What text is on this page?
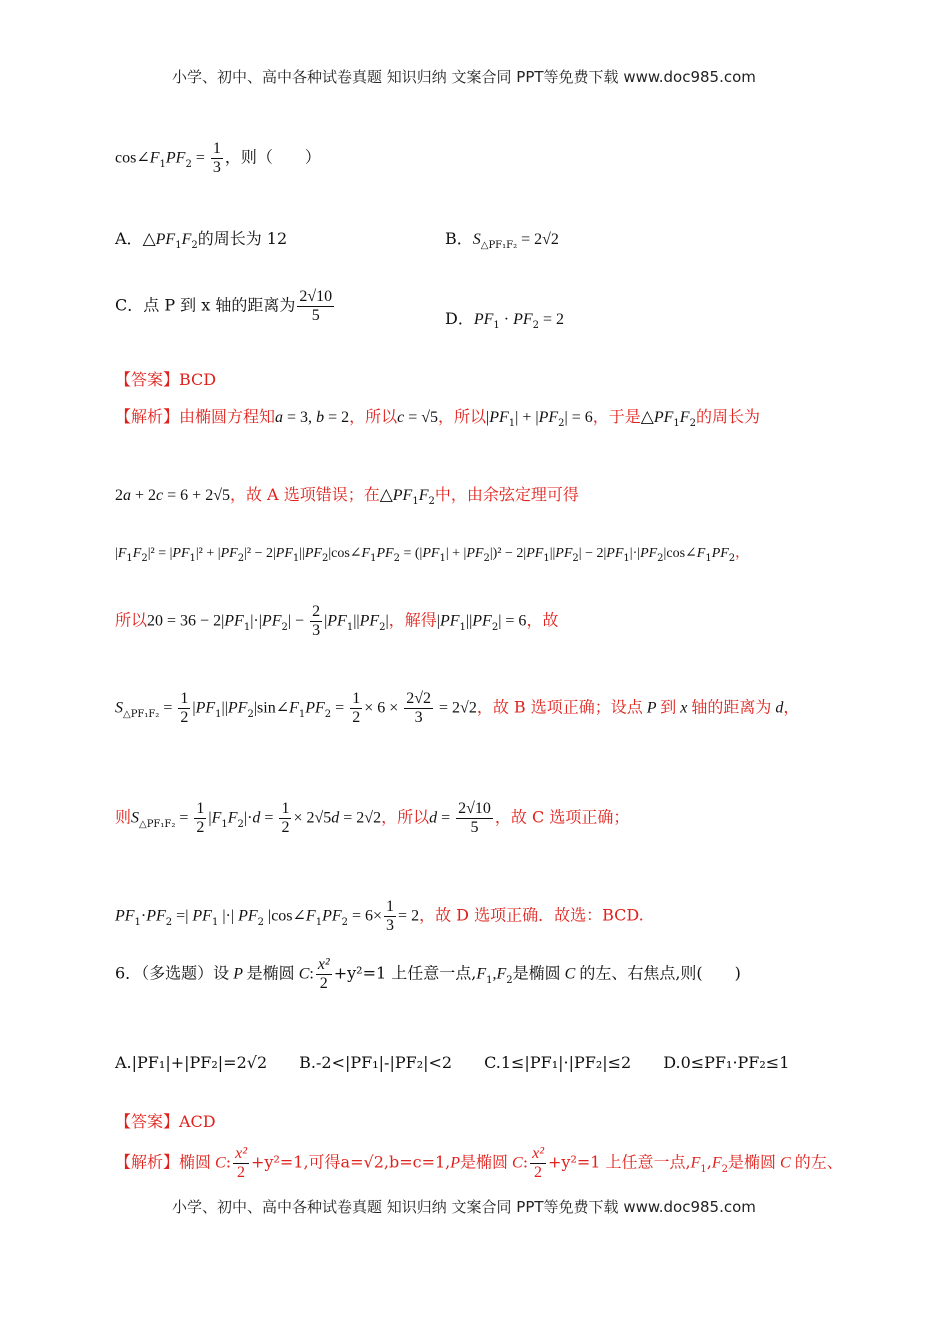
小学、初中、高中各种试卷真题 知识归纳 文案合同 PPT等免费下载 www.doc985.com
$\cos\angle F_1PF_2 = \frac{1}{3}$ ，则（　　）
A．$\triangle PF_1F_2$的周长为 12	B．$S_{\triangle PF_1F_2} = 2√2$
C．点 P 到 x 轴的距离为 $\frac{2√10}{5}$	D．$PF_1 \cdot PF_2 = 2$
【答案】BCD
【解析】由椭圆方程知a = 3, b = 2，所以c = √5，所以$|PF_1| + |PF_2| = 6$，于是$\triangle PF_1F_2$的周长为
2a + 2c = 6 + 2√5，故 A 选项错误；在$\triangle PF_1F_2$中，由余弦定理可得
$|F_1F_2|^2 = |PF_1|^2 + |PF_2|^2$ − $2|PF_1||PF_2|\cos\angle F_1PF_2 = (|PF_1| + |PF_2|)^2 - 2|PF_1||PF_2|$ − $2|PF_1|\cdot|PF_2|\cos\angle F_1PF_2$，
所以$20 = 36 - 2|PF_1|\cdot|PF_2| - \frac{2}{3} |PF_1||PF_2|$，解得$|PF_1||PF_2| = 6$，故
$S_{\triangle PF_1F_2} = \frac{1}{2}$ $|PF_1||PF_2|\sin\angle F_1PF_2 = \frac{1}{2} \times 6 \times \frac{2√2}{3} = 2√2$，故 B 选项正确；设点 P 到 x 轴的距离为 d，
则$S_{\triangle PF_1F_2} = \frac{1}{2} |F_1F_2|\cdot d = \frac{1}{2} \times 2√5d = 2√2$，所以$d = \frac{2√10}{5}$ ，故 C 选项正确；
$PF_1\cdot PF_2$ =| $PF_1$ |·| $PF_2$ $|\cos\angle F_1PF_2 = 6\times \frac{1}{3} = 2$，故 D 选项正确．故选：BCD.
6．（多选题）设 P 是椭圆 C: $\frac{\text{x²}}{2} +y^2=1$ 上任意一点$,F_1,F_2$是椭圆 C 的左、右焦点,则(　　)
A.|PF₁|+|PF₂|=2√2　　B.-2<|PF₁|-|PF₂|<2　　C.1≤|PF₁|·|PF₂|≤2　　D.0≤PF₁·PF₂≤1
【答案】ACD
【解析】椭圆 C: $\frac{\text{x²}}{2} +y^2=1$,可得a=√2,b=c=1,P是椭圆 C: $\frac{\text{x²}}{2} +y^2=1$ 上任意一点$,F_1,F_2$是椭圆 C 的左、
小学、初中、高中各种试卷真题 知识归纳 文案合同 PPT等免费下载 www.doc985.com
